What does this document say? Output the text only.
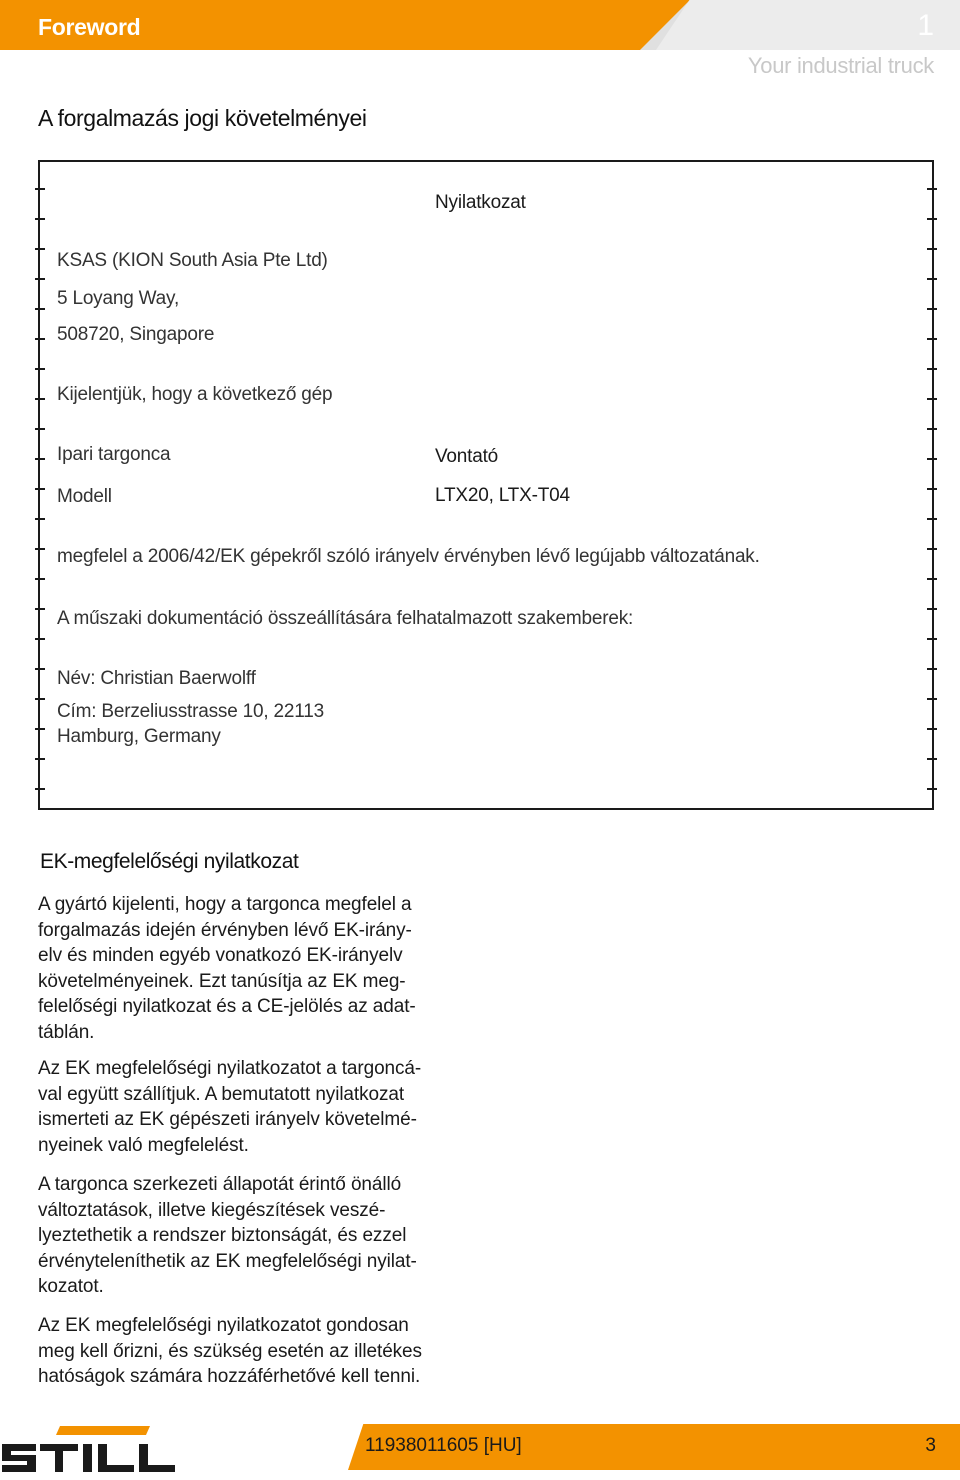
Foreword	1
Your industrial truck
A forgalmazás jogi követelményei
Nyilatkozat
KSAS (KION South Asia Pte Ltd)
5 Loyang Way,
508720, Singapore
Kijelentjük, hogy a következő gép
Ipari targonca	Vontató
Modell	LTX20, LTX-T04
megfelel a 2006/42/EK gépekről szóló irányelv érvényben lévő legújabb változatának.
A műszaki dokumentáció összeállítására felhatalmazott szakemberek:
Név: Christian Baerwolff
Cím: Berzeliusstrasse 10, 22113
Hamburg, Germany
EK-megfelelőségi nyilatkozat
A gyártó kijelenti, hogy a targonca megfelel a
forgalmazás idején érvényben lévő EK-irány-
elv és minden egyéb vonatkozó EK-irányelv
követelményeinek. Ezt tanúsítja az EK meg-
felelőségi nyilatkozat és a CE-jelölés az adat-
táblán.
Az EK megfelelőségi nyilatkozatot a targoncá-
val együtt szállítjuk. A bemutatott nyilatkozat
ismerteti az EK gépészeti irányelv követelmé-
nyeinek való megfelelést.
A targonca szerkezeti állapotát érintő önálló
változtatások, illetve kiegészítések veszé-
lyeztethetik a rendszer biztonságát, és ezzel
érvényteleníthetik az EK megfelelőségi nyilat-
kozatot.
Az EK megfelelőségi nyilatkozatot gondosan
meg kell őrizni, és szükség esetén az illetékes
hatóságok számára hozzáférhetővé kell tenni.
11938011605 [HU]	3
